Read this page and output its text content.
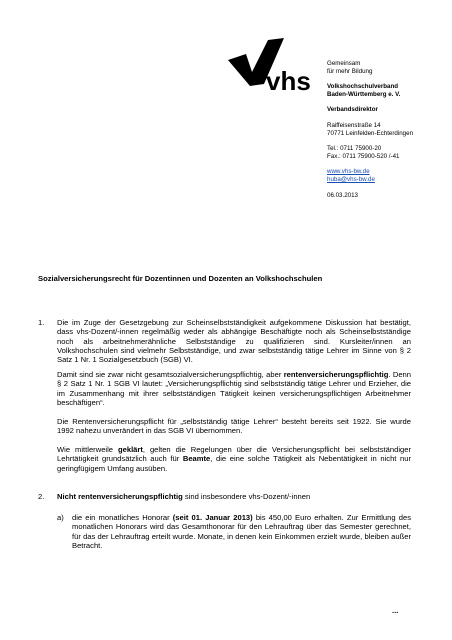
vhs
Gemeinsam
für mehr Bildung
Volkshochschulverband
Baden-Württemberg e. V.
Verbandsdirektor
Raiffeisenstraße 14
70771 Leinfelden-Echterdingen
Tel.: 0711 75900-20
Fax.: 0711 75900-520 /-41
www.vhs-bw.de
huba@vhs-bw.de
06.03.2013
Sozialversicherungsrecht für Dozentinnen und Dozenten an Volkshochschulen
1. Die im Zuge der Gesetzgebung zur Scheinselbstständigkeit aufgekommene Diskussion hat bestätigt, dass vhs-Dozent/-innen regelmäßig weder als abhängige Beschäftigte noch als Scheinselbstständige noch als arbeitnehmerähnliche Selbstständige zu qualifizieren sind. Kursleiter/innen an Volkshochschulen sind vielmehr Selbstständige, und zwar selbstständig tätige Lehrer im Sinne von § 2 Satz 1 Nr. 1 Sozialgesetzbuch (SGB) VI.
Damit sind sie zwar nicht gesamtsozialversicherungspflichtig, aber rentenversicherungspflichtig. Denn § 2 Satz 1 Nr. 1 SGB VI lautet: „Versicherungspflichtig sind selbstständig tätige Lehrer und Erzieher, die im Zusammenhang mit ihrer selbstständigen Tätigkeit keinen versicherungspflichtigen Arbeitnehmer beschäftigen“.
Die Rentenversicherungspflicht für „selbstständig tätige Lehrer“ besteht bereits seit 1922. Sie wurde 1992 nahezu unverändert in das SGB VI übernommen.
Wie mittlerweile geklärt, gelten die Regelungen über die Versicherungspflicht bei selbstständiger Lehrtätigkeit grundsätzlich auch für Beamte, die eine solche Tätigkeit als Nebentätigkeit in nicht nur geringfügigem Umfang ausüben.
2. Nicht rentenversicherungspflichtig sind insbesondere vhs-Dozent/-innen
a) die ein monatliches Honorar (seit 01. Januar 2013) bis 450,00 Euro erhalten. Zur Ermittlung des monatlichen Honorars wird das Gesamthonorar für den Lehrauftrag über das Semester gerechnet, für das der Lehrauftrag erteilt wurde. Monate, in denen kein Einkommen erzielt wurde, bleiben außer Betracht.
...
